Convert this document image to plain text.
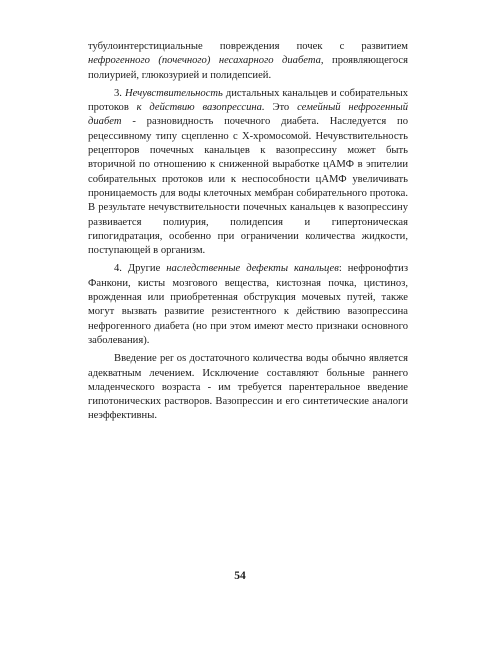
тубулоинтерстициальные повреждения почек с развитием нефрогенного (почечного) несахарного диабета, проявляющегося полиурией, глюкозурией и полидепсией.

3. Нечувствительность дистальных канальцев и собирательных протоков к действию вазопрессина. Это семейный нефрогенный диабет - разновидность почечного диабета. Наследуется по рецессивному типу сцепленно с Х-хромосомой. Нечувствительность рецепторов почечных канальцев к вазопрессину может быть вторичной по отношению к сниженной выработке цАМФ в эпителии собирательных протоков или к неспособности цАМФ увеличивать проницаемость для воды клеточных мембран собирательного протока. В результате нечувствительности почечных канальцев к вазопрессину развивается полиурия, полидепсия и гипертоническая гипогидратация, особенно при ограничении количества жидкости, поступающей в организм.

4. Другие наследственные дефекты канальцев: нефронофтиз Фанкони, кисты мозгового вещества, кистозная почка, цистиноз, врожденная или приобретенная обструкция мочевых путей, также могут вызвать развитие резистентного к действию вазопрессина нефрогенного диабета (но при этом имеют место признаки основного заболевания).

Введение per os достаточного количества воды обычно является адекватным лечением. Исключение составляют больные раннего младенческого возраста - им требуется парентеральное введение гипотонических растворов. Вазопрессин и его синтетические аналоги неэффективны.

54
